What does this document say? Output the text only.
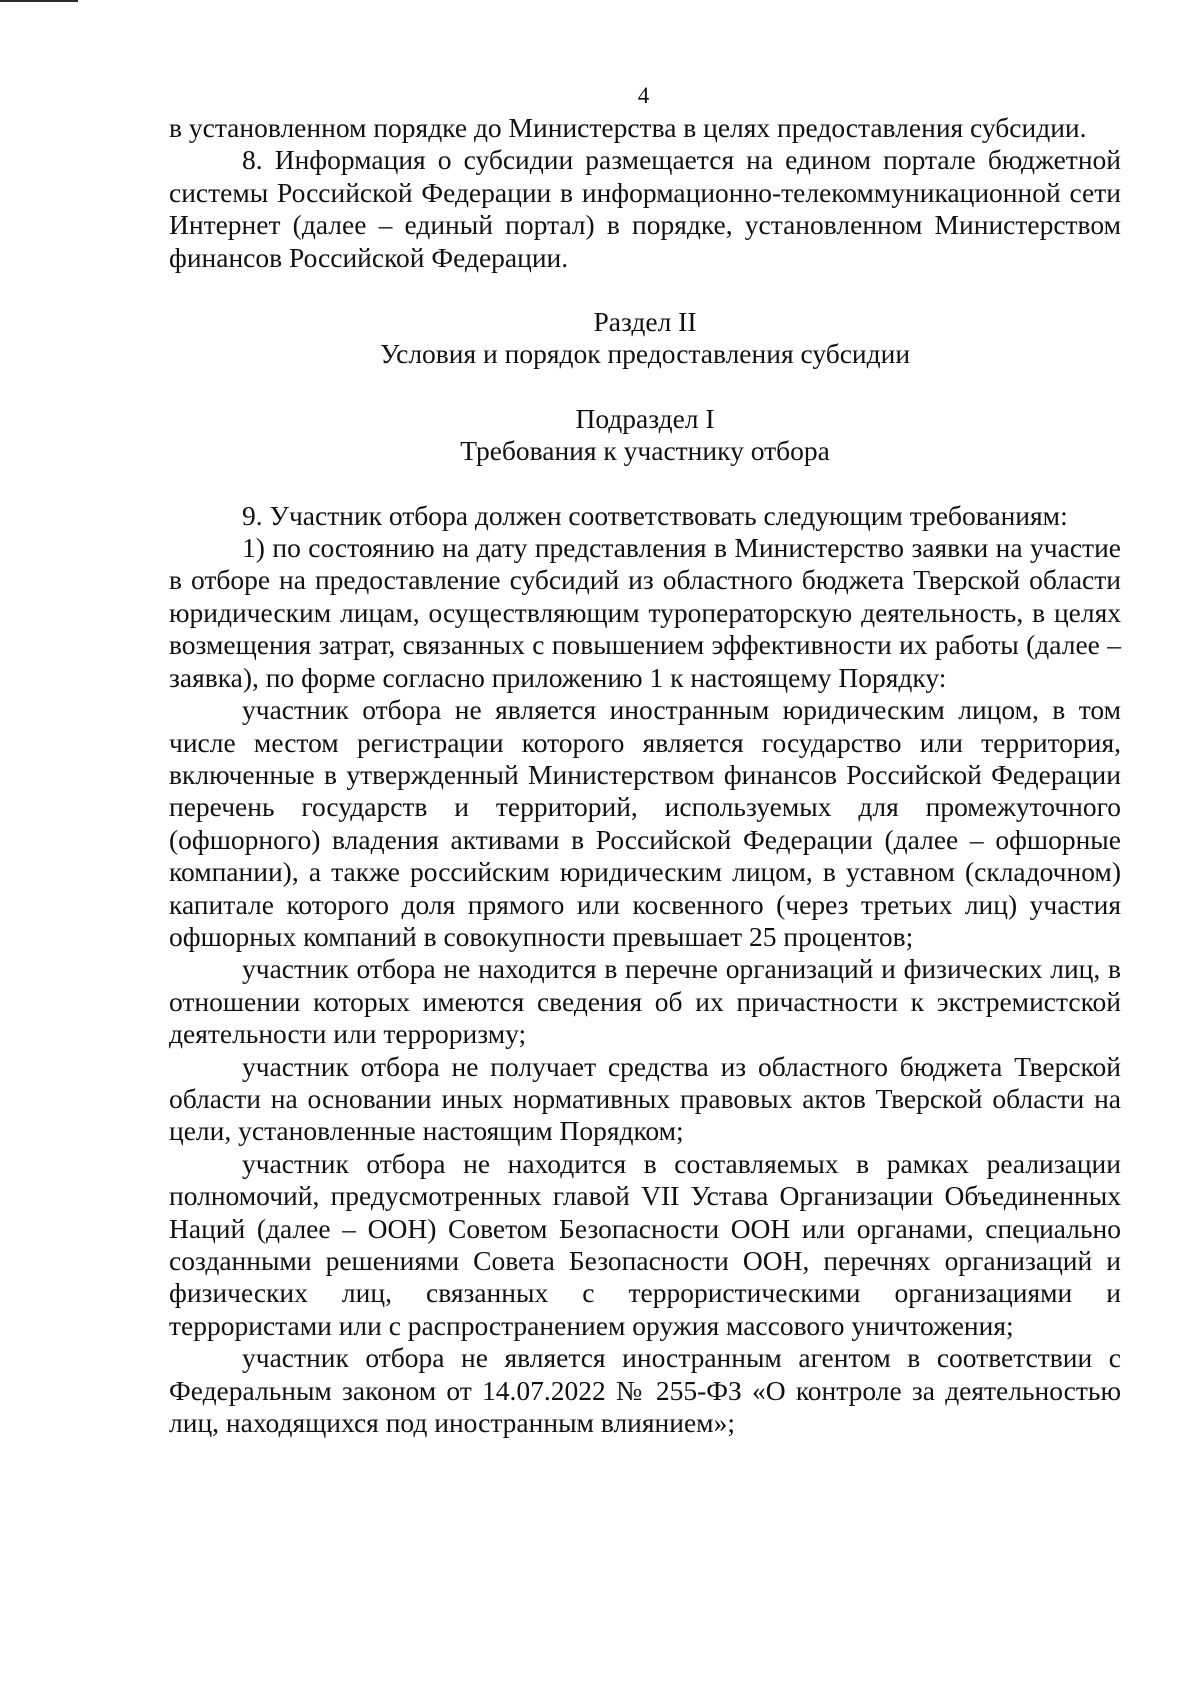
4

в установленном порядке до Министерства в целях предоставления субсидии.

8. Информация о субсидии размещается на едином портале бюджетной системы Российской Федерации в информационно-телекоммуникационной сети Интернет (далее – единый портал) в порядке, установленном Министерством финансов Российской Федерации.

Раздел II
Условия и порядок предоставления субсидии
Подраздел I
Требования к участнику отбора

9. Участник отбора должен соответствовать следующим требованиям:

1) по состоянию на дату представления в Министерство заявки на участие в отборе на предоставление субсидий из областного бюджета Тверской области юридическим лицам, осуществляющим туроператорскую деятельность, в целях возмещения затрат, связанных с повышением эффективности их работы (далее – заявка), по форме согласно приложению 1 к настоящему Порядку:

участник отбора не является иностранным юридическим лицом, в том числе местом регистрации которого является государство или территория, включенные в утвержденный Министерством финансов Российской Федерации перечень государств и территорий, используемых для промежуточного (офшорного) владения активами в Российской Федерации (далее – офшорные компании), а также российским юридическим лицом, в уставном (складочном) капитале которого доля прямого или косвенного (через третьих лиц) участия офшорных компаний в совокупности превышает 25 процентов;

участник отбора не находится в перечне организаций и физических лиц, в отношении которых имеются сведения об их причастности к экстремистской деятельности или терроризму;

участник отбора не получает средства из областного бюджета Тверской области на основании иных нормативных правовых актов Тверской области на цели, установленные настоящим Порядком;

участник отбора не находится в составляемых в рамках реализации полномочий, предусмотренных главой VII Устава Организации Объединенных Наций (далее – ООН) Советом Безопасности ООН или органами, специально созданными решениями Совета Безопасности ООН, перечнях организаций и физических лиц, связанных с террористическими организациями и террористами или с распространением оружия массового уничтожения;

участник отбора не является иностранным агентом в соответствии с Федеральным законом от 14.07.2022 № 255-ФЗ «О контроле за деятельностью лиц, находящихся под иностранным влиянием»;
